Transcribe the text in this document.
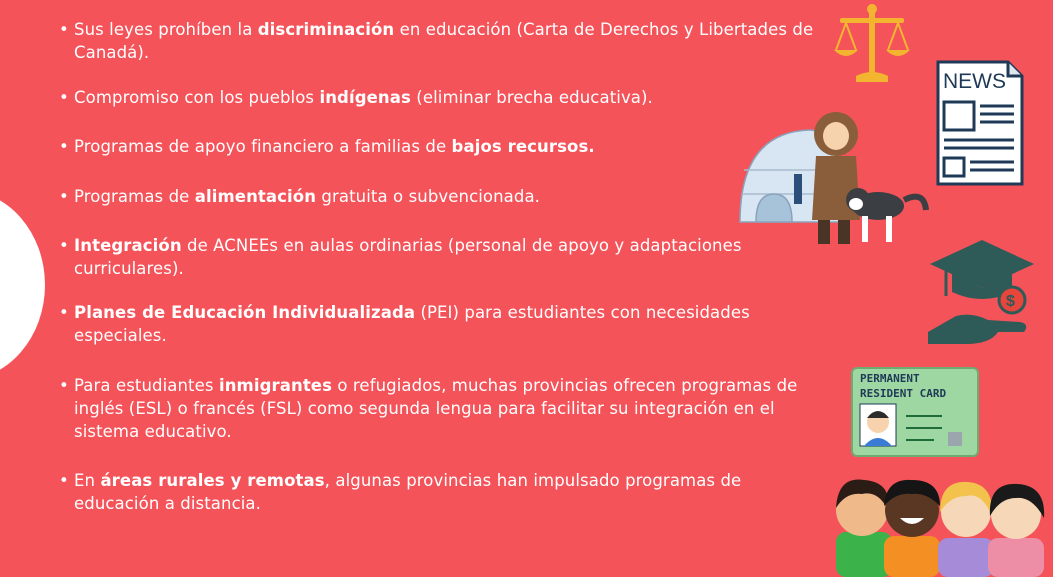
• Sus leyes prohíben la discriminación en educación (Carta de Derechos y Libertades de Canadá).
• Compromiso con los pueblos indígenas (eliminar brecha educativa).
• Programas de apoyo financiero a familias de bajos recursos.
• Programas de alimentación gratuita o subvencionada.
• Integración de ACNEEs en aulas ordinarias (personal de apoyo y adaptaciones curriculares).
• Planes de Educación Individualizada (PEI) para estudiantes con necesidades especiales.
• Para estudiantes inmigrantes o refugiados, muchas provincias ofrecen programas de inglés (ESL) o francés (FSL) como segunda lengua para facilitar su integración en el sistema educativo.
• En áreas rurales y remotas, algunas provincias han impulsado programas de educación a distancia.
NEWS
$
PERMANENT RESIDENT CARD
